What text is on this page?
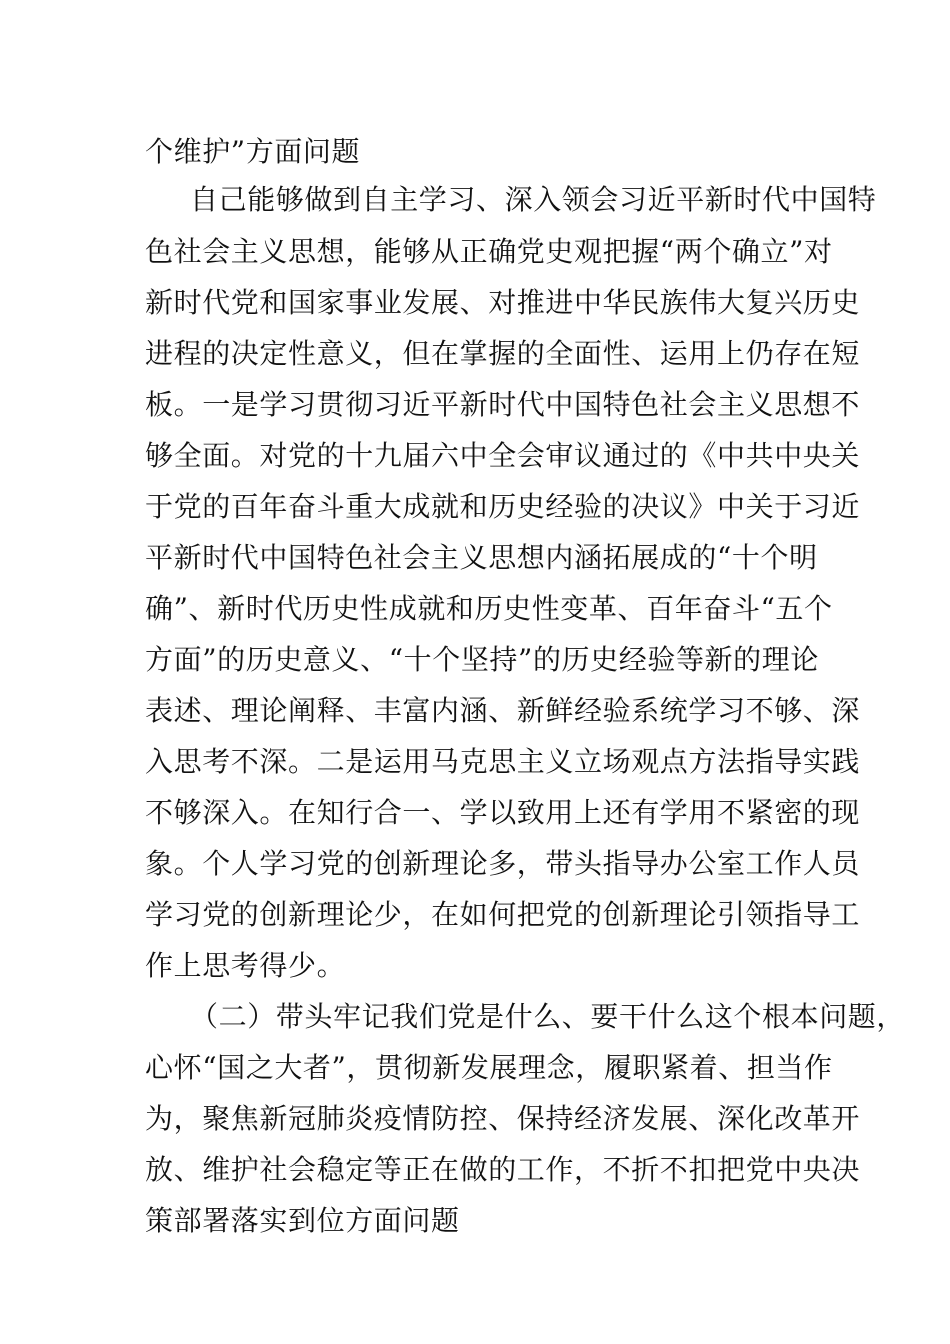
个维护”方面问题
自己能够做到自主学习、深入领会习近平新时代中国特
色社会主义思想，能够从正确党史观把握“两个确立”对
新时代党和国家事业发展、对推进中华民族伟大复兴历史
进程的决定性意义，但在掌握的全面性、运用上仍存在短
板。一是学习贯彻习近平新时代中国特色社会主义思想不
够全面。对党的十九届六中全会审议通过的《中共中央关
于党的百年奋斗重大成就和历史经验的决议》中关于习近
平新时代中国特色社会主义思想内涵拓展成的“十个明
确”、新时代历史性成就和历史性变革、百年奋斗“五个
方面”的历史意义、“十个坚持”的历史经验等新的理论
表述、理论阐释、丰富内涵、新鲜经验系统学习不够、深
入思考不深。二是运用马克思主义立场观点方法指导实践
不够深入。在知行合一、学以致用上还有学用不紧密的现
象。个人学习党的创新理论多，带头指导办公室工作人员
学习党的创新理论少，在如何把党的创新理论引领指导工
作上思考得少。
（二）带头牢记我们党是什么、要干什么这个根本问题，
心怀“国之大者”，贯彻新发展理念，履职紧着、担当作
为，聚焦新冠肺炎疫情防控、保持经济发展、深化改革开
放、维护社会稳定等正在做的工作，不折不扣把党中央决
策部署落实到位方面问题
